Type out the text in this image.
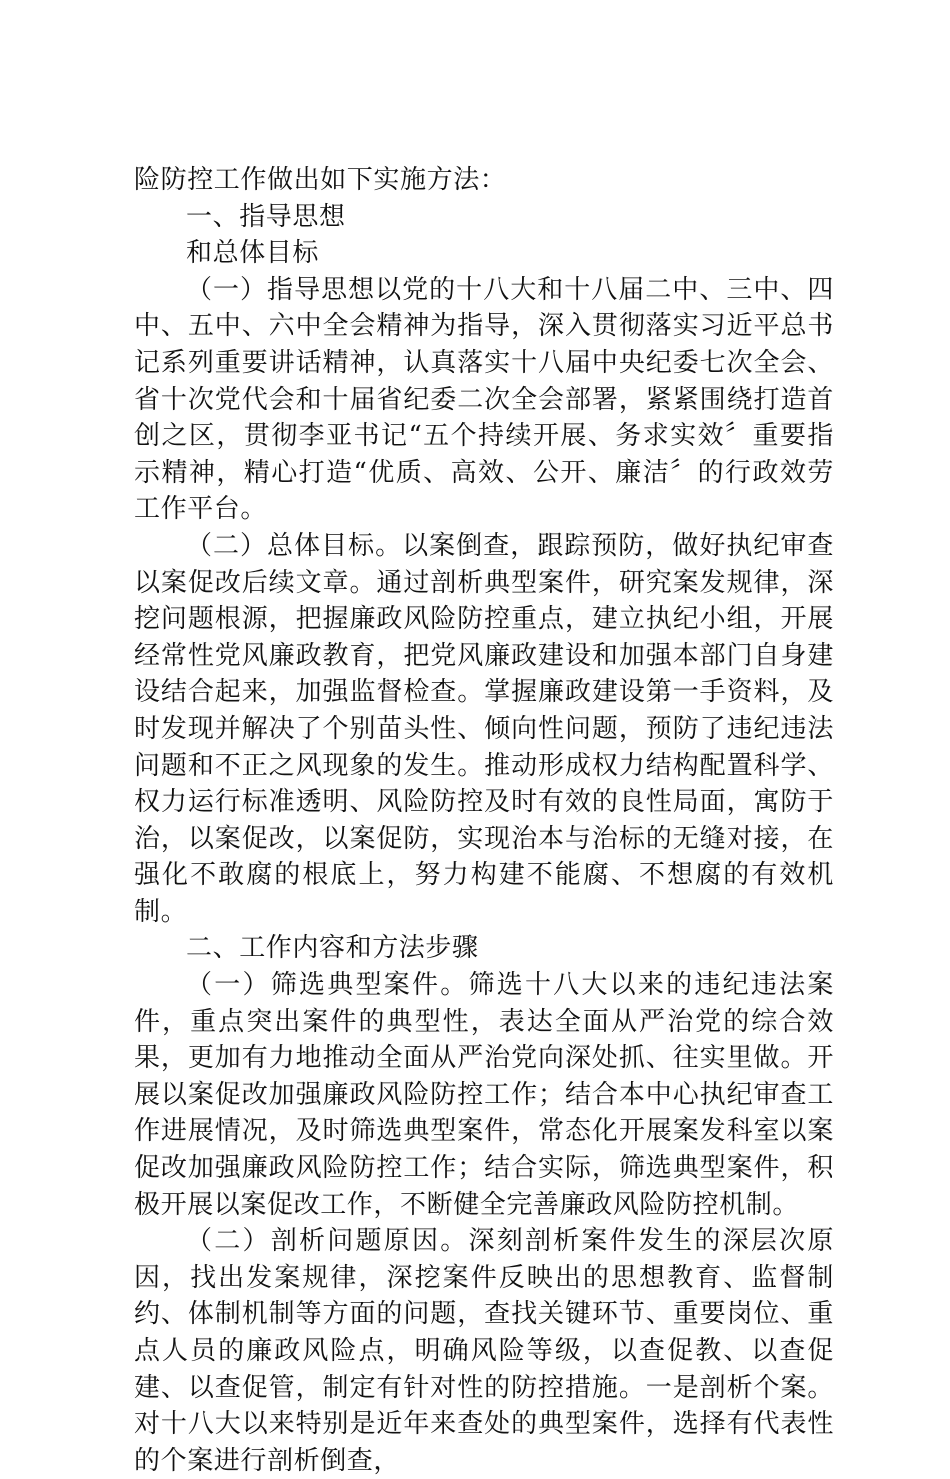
险防控工作做出如下实施方法：

一、指导思想

和总体目标

（一）指导思想以党的十八大和十八届二中、三中、四中、五中、六中全会精神为指导，深入贯彻落实习近平总书记系列重要讲话精神，认真落实十八届中央纪委七次全会、省十次党代会和十届省纪委二次全会部署，紧紧围绕打造首创之区，贯彻李亚书记“五个持续开展、务求实效〞重要指示精神，精心打造“优质、高效、公开、廉洁〞的行政效劳工作平台。

（二）总体目标。以案倒查，跟踪预防，做好执纪审查以案促改后续文章。通过剖析典型案件，研究案发规律，深挖问题根源，把握廉政风险防控重点，建立执纪小组，开展经常性党风廉政教育，把党风廉政建设和加强本部门自身建设结合起来，加强监督检查。掌握廉政建设第一手资料，及时发现并解决了个别苗头性、倾向性问题，预防了违纪违法问题和不正之风现象的发生。推动形成权力结构配置科学、权力运行标准透明、风险防控及时有效的良性局面，寓防于治，以案促改，以案促防，实现治本与治标的无缝对接，在强化不敢腐的根底上，努力构建不能腐、不想腐的有效机制。

二、工作内容和方法步骤

（一）筛选典型案件。筛选十八大以来的违纪违法案件，重点突出案件的典型性，表达全面从严治党的综合效果，更加有力地推动全面从严治党向深处抓、往实里做。开展以案促改加强廉政风险防控工作；结合本中心执纪审查工作进展情况，及时筛选典型案件，常态化开展案发科室以案促改加强廉政风险防控工作；结合实际，筛选典型案件，积极开展以案促改工作，不断健全完善廉政风险防控机制。

（二）剖析问题原因。深刻剖析案件发生的深层次原因，找出发案规律，深挖案件反映出的思想教育、监督制约、体制机制等方面的问题，查找关键环节、重要岗位、重点人员的廉政风险点，明确风险等级，以查促教、以查促建、以查促管，制定有针对性的防控措施。一是剖析个案。对十八大以来特别是近年来查处的典型案件，选择有代表性的个案进行剖析倒查，
